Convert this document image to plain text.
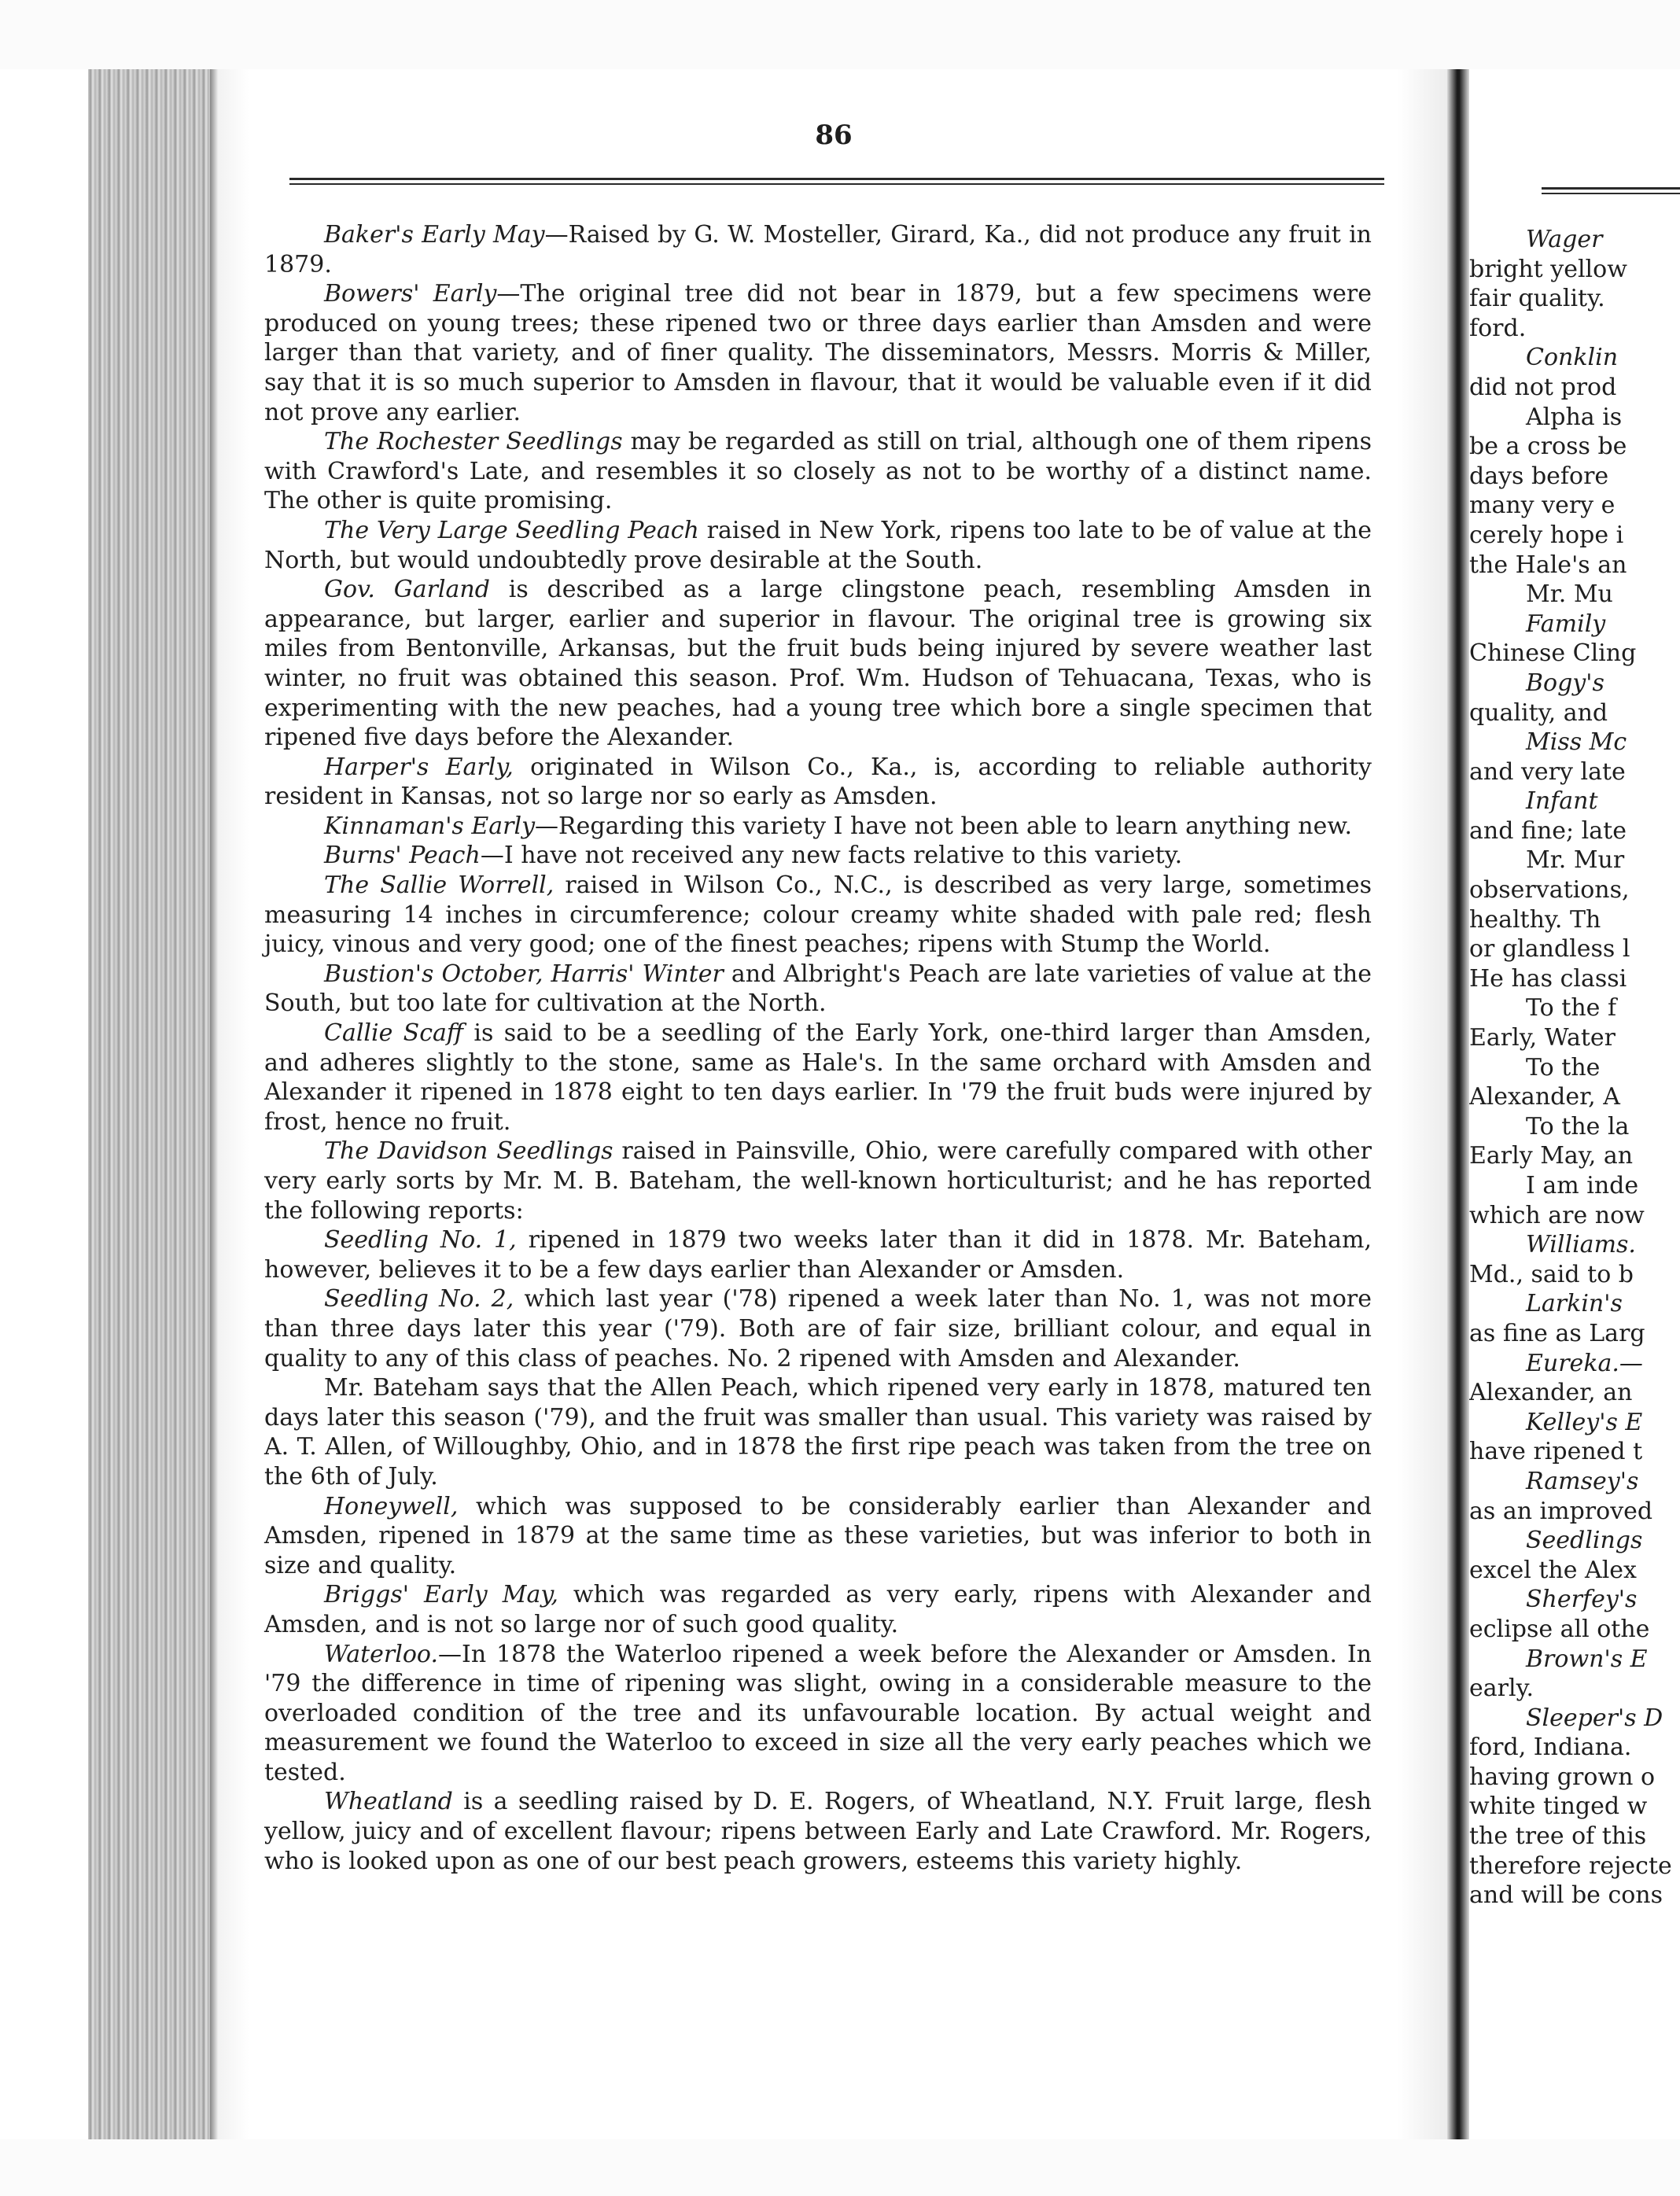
Wager
bright yellow
fair quality.
ford.
Conklin
did not prod
Alpha is
be a cross be
days before
many very e
cerely hope i
the Hale's an
Mr. Mu
Family
Chinese Cling
Bogy's
quality, and
Miss Mc
and very late
Infant
and fine; late
Mr. Mur
observations,
healthy. Th
or glandless l
He has classi
To the f
Early, Water
To the
Alexander, A
To the la
Early May, an
I am inde
which are now
Williams.
Md., said to b
Larkin's
as fine as Larg
Eureka.—
Alexander, an
Kelley's E
have ripened t
Ramsey's
as an improved
Seedlings
excel the Alex
Sherfey's
eclipse all othe
Brown's E
early.
Sleeper's D
ford, Indiana.
having grown o
white tinged w
the tree of this
therefore rejecte
and will be cons
86

Baker's Early May—Raised by G. W. Mosteller, Girard, Ka., did not produce any fruit in 1879.

Bowers' Early—The original tree did not bear in 1879, but a few specimens were produced on young trees; these ripened two or three days earlier than Amsden and were larger than that variety, and of finer quality. The disseminators, Messrs. Morris & Miller, say that it is so much superior to Amsden in flavour, that it would be valuable even if it did not prove any earlier.

The Rochester Seedlings may be regarded as still on trial, although one of them ripens with Crawford's Late, and resembles it so closely as not to be worthy of a distinct name. The other is quite promising.

The Very Large Seedling Peach raised in New York, ripens too late to be of value at the North, but would undoubtedly prove desirable at the South.

Gov. Garland is described as a large clingstone peach, resembling Amsden in appearance, but larger, earlier and superior in flavour. The original tree is growing six miles from Bentonville, Arkansas, but the fruit buds being injured by severe weather last winter, no fruit was obtained this season. Prof. Wm. Hudson of Tehuacana, Texas, who is experimenting with the new peaches, had a young tree which bore a single specimen that ripened five days before the Alexander.

Harper's Early, originated in Wilson Co., Ka., is, according to reliable authority resident in Kansas, not so large nor so early as Amsden.

Kinnaman's Early—Regarding this variety I have not been able to learn anything new.

Burns' Peach—I have not received any new facts relative to this variety.

The Sallie Worrell, raised in Wilson Co., N.C., is described as very large, sometimes measuring 14 inches in circumference; colour creamy white shaded with pale red; flesh juicy, vinous and very good; one of the finest peaches; ripens with Stump the World.

Bustion's October, Harris' Winter and Albright's Peach are late varieties of value at the South, but too late for cultivation at the North.

Callie Scaff is said to be a seedling of the Early York, one-third larger than Amsden, and adheres slightly to the stone, same as Hale's. In the same orchard with Amsden and Alexander it ripened in 1878 eight to ten days earlier. In '79 the fruit buds were injured by frost, hence no fruit.

The Davidson Seedlings raised in Painsville, Ohio, were carefully compared with other very early sorts by Mr. M. B. Bateham, the well-known horticulturist; and he has reported the following reports:

Seedling No. 1, ripened in 1879 two weeks later than it did in 1878. Mr. Bateham, however, believes it to be a few days earlier than Alexander or Amsden.

Seedling No. 2, which last year ('78) ripened a week later than No. 1, was not more than three days later this year ('79). Both are of fair size, brilliant colour, and equal in quality to any of this class of peaches. No. 2 ripened with Amsden and Alexander.

Mr. Bateham says that the Allen Peach, which ripened very early in 1878, matured ten days later this season ('79), and the fruit was smaller than usual. This variety was raised by A. T. Allen, of Willoughby, Ohio, and in 1878 the first ripe peach was taken from the tree on the 6th of July.

Honeywell, which was supposed to be considerably earlier than Alexander and Amsden, ripened in 1879 at the same time as these varieties, but was inferior to both in size and quality.

Briggs' Early May, which was regarded as very early, ripens with Alexander and Amsden, and is not so large nor of such good quality.

Waterloo.—In 1878 the Waterloo ripened a week before the Alexander or Amsden. In '79 the difference in time of ripening was slight, owing in a considerable measure to the overloaded condition of the tree and its unfavourable location. By actual weight and measurement we found the Waterloo to exceed in size all the very early peaches which we tested.

Wheatland is a seedling raised by D. E. Rogers, of Wheatland, N.Y. Fruit large, flesh yellow, juicy and of excellent flavour; ripens between Early and Late Crawford. Mr. Rogers, who is looked upon as one of our best peach growers, esteems this variety highly.
